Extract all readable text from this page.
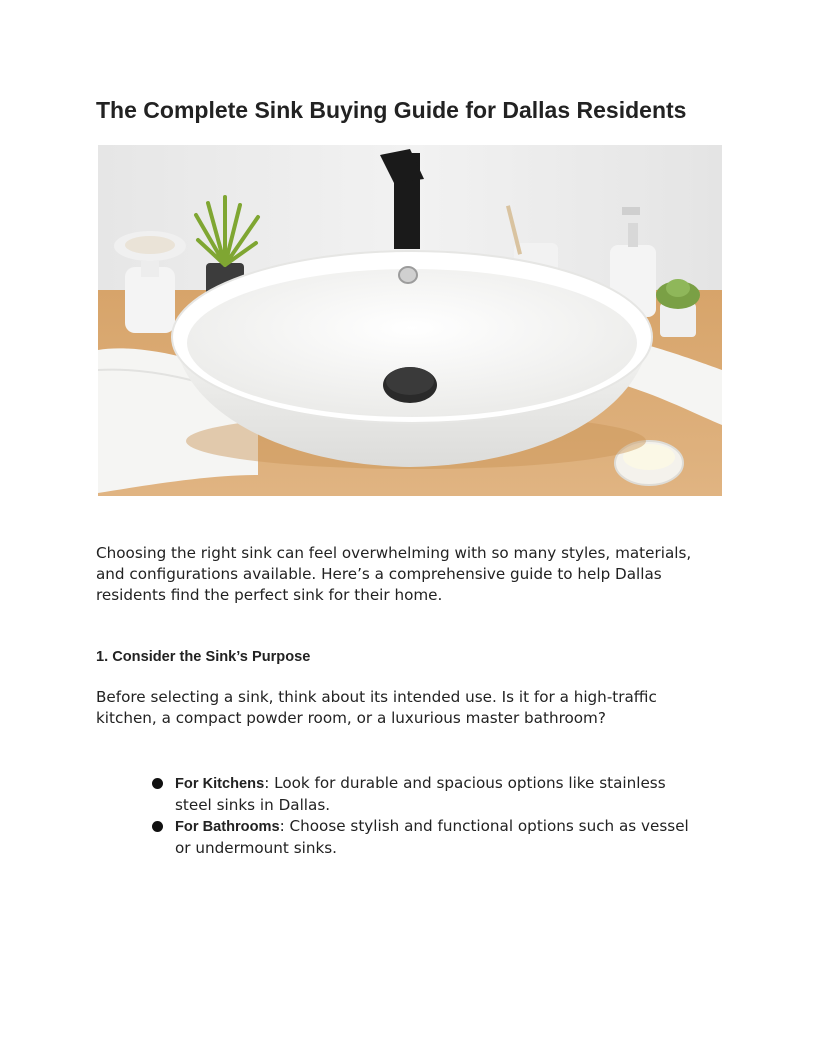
The Complete Sink Buying Guide for Dallas Residents

Choosing the right sink can feel overwhelming with so many styles, materials, and configurations available. Here’s a comprehensive guide to help Dallas residents find the perfect sink for their home.

1. Consider the Sink’s Purpose

Before selecting a sink, think about its intended use. Is it for a high-traffic kitchen, a compact powder room, or a luxurious master bathroom?

For Kitchens: Look for durable and spacious options like stainless steel sinks in Dallas.
For Bathrooms: Choose stylish and functional options such as vessel or undermount sinks.
